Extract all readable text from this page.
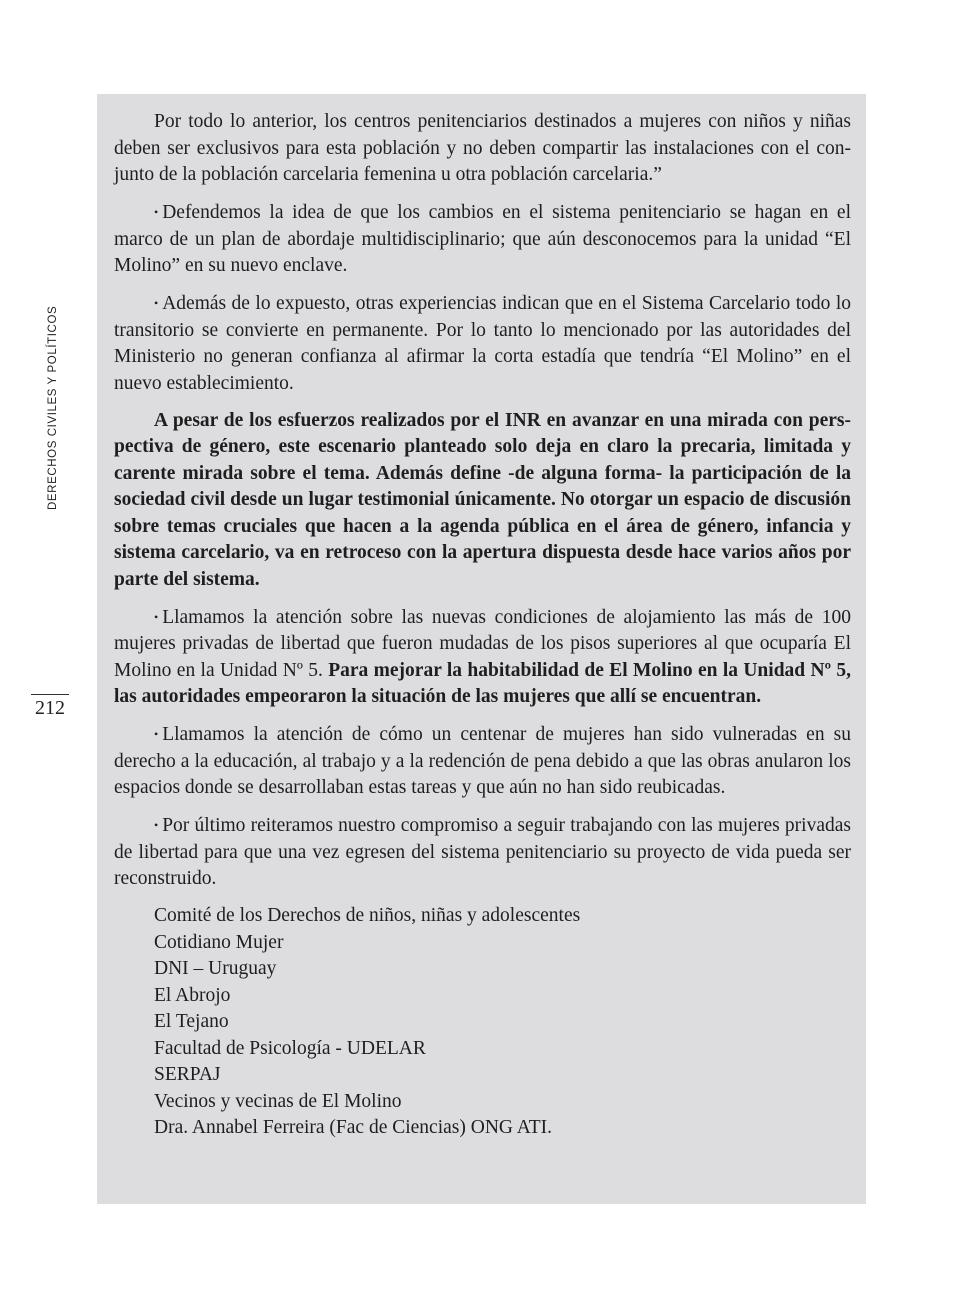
DERECHOS CIVILES Y POLÍTICOS
212

Por todo lo anterior, los centros penitenciarios destinados a mujeres con niños y niñas deben ser exclusivos para esta población y no deben compartir las instalaciones con el conjunto de la población carcelaria femenina u otra población carcelaria.”

• Defendemos la idea de que los cambios en el sistema penitenciario se hagan en el marco de un plan de abordaje multidisciplinario; que aún desconocemos para la unidad “El Molino” en su nuevo enclave.

• Además de lo expuesto, otras experiencias indican que en el Sistema Carcelario todo lo transitorio se convierte en permanente. Por lo tanto lo mencionado por las autoridades del Ministerio no generan confianza al afirmar la corta estadía que tendría “El Molino” en el nuevo establecimiento.

A pesar de los esfuerzos realizados por el INR en avanzar en una mirada con perspectiva de género, este escenario planteado solo deja en claro la precaria, limitada y carente mirada sobre el tema. Además define -de alguna forma- la participación de la sociedad civil desde un lugar testimonial únicamente. No otorgar un espacio de discusión sobre temas cruciales que hacen a la agenda pública en el área de género, infancia y sistema carcelario, va en retroceso con la apertura dispuesta desde hace varios años por parte del sistema.

• Llamamos la atención sobre las nuevas condiciones de alojamiento las más de 100 mujeres privadas de libertad que fueron mudadas de los pisos superiores al que ocuparía El Molino en la Unidad Nº 5. Para mejorar la habitabilidad de El Molino en la Unidad Nº 5, las autoridades empeoraron la situación de las mujeres que allí se encuentran.

• Llamamos la atención de cómo un centenar de mujeres han sido vulneradas en su derecho a la educación, al trabajo y a la redención de pena debido a que las obras anularon los espacios donde se desarrollaban estas tareas y que aún no han sido reubicadas.

• Por último reiteramos nuestro compromiso a seguir trabajando con las mujeres privadas de libertad para que una vez egresen del sistema penitenciario su proyecto de vida pueda ser reconstruido.

Comité de los Derechos de niños, niñas y adolescentes
Cotidiano Mujer
DNI – Uruguay
El Abrojo
El Tejano
Facultad de Psicología - UDELAR
SERPAJ
Vecinos y vecinas de El Molino
Dra. Annabel Ferreira (Fac de Ciencias) ONG ATI.
